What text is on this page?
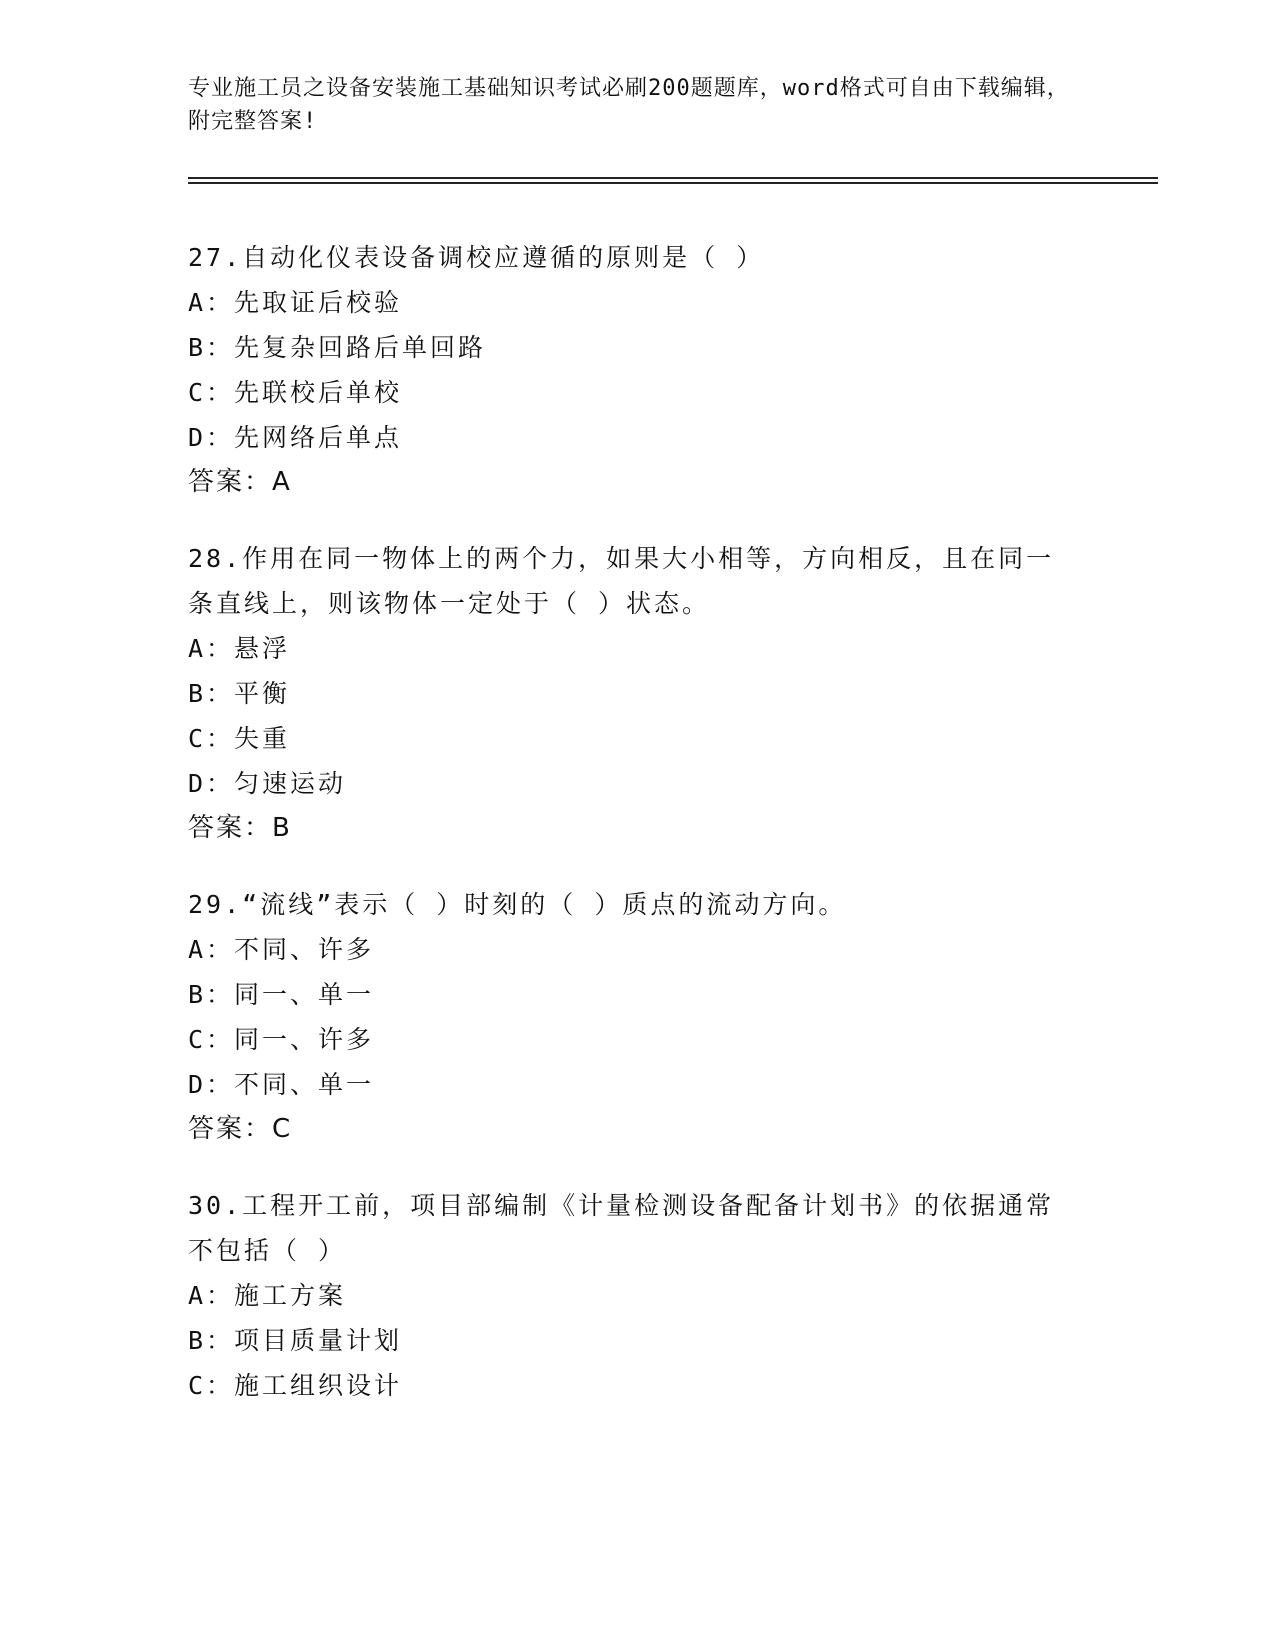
专业施工员之设备安装施工基础知识考试必刷200题题库，word格式可自由下载编辑，附完整答案!
27.自动化仪表设备调校应遵循的原则是（ ）
A：先取证后校验
B：先复杂回路后单回路
C：先联校后单校
D：先网络后单点
答案：A
28.作用在同一物体上的两个力，如果大小相等，方向相反，且在同一条直线上，则该物体一定处于（ ）状态。
A：悬浮
B：平衡
C：失重
D：匀速运动
答案：B
29.“流线”表示（ ）时刻的（ ）质点的流动方向。
A：不同、许多
B：同一、单一
C：同一、许多
D：不同、单一
答案：C
30.工程开工前，项目部编制《计量检测设备配备计划书》的依据通常不包括（ ）
A：施工方案
B：项目质量计划
C：施工组织设计
